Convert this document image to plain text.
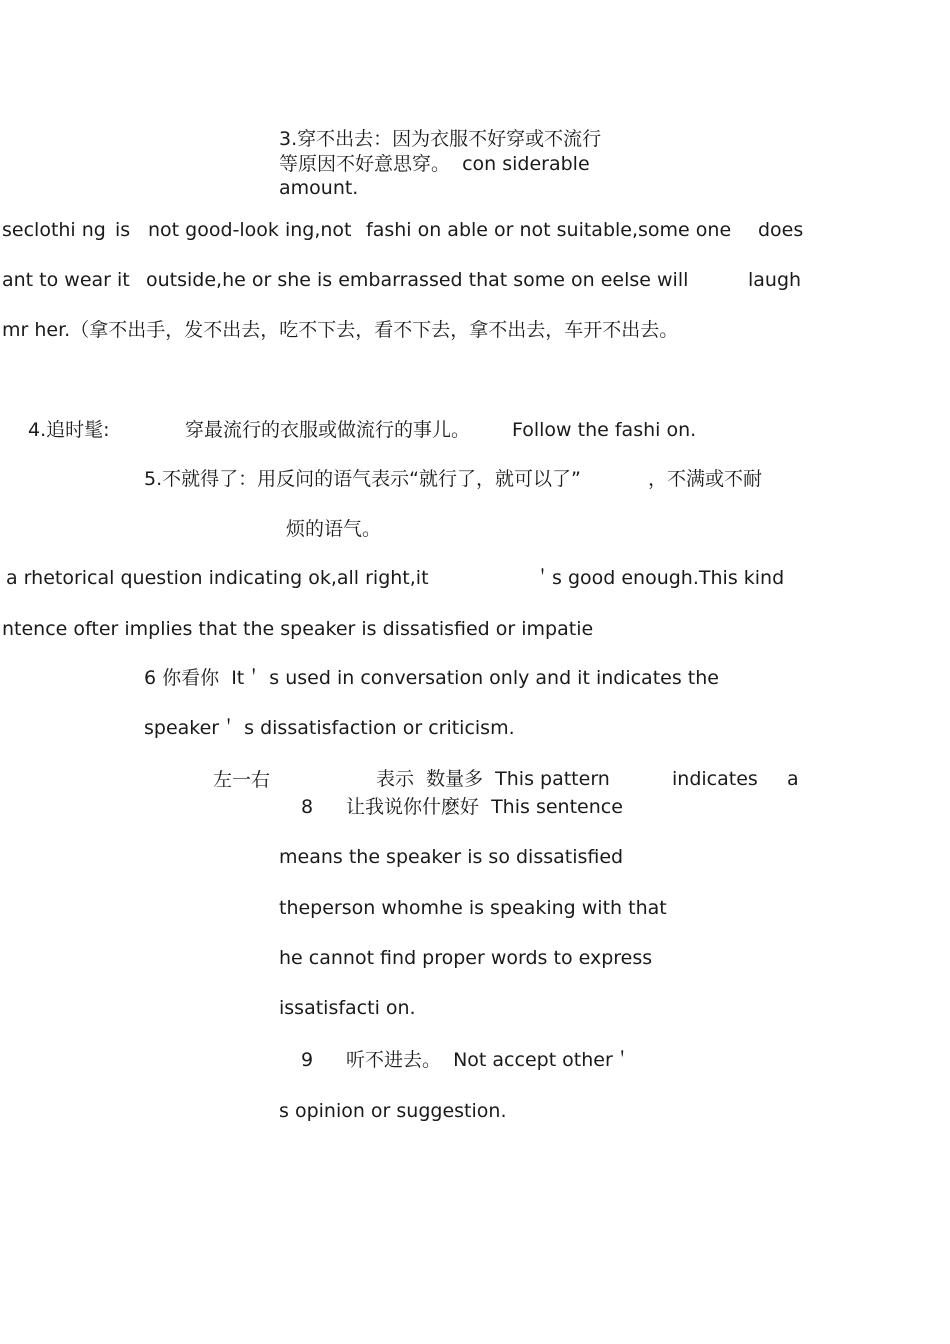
3.穿不出去：因为衣服不好穿或不流行
等原因不好意思穿。  con siderable
amount.
seclothi ng is not good-look ing,not fashi on able or not suitable,some one does
ant to wear it outside,he or she is embarrassed that some on eelse will	laugh
mr her.（拿不出手，发不出去，吃不下去，看不下去，拿不出去，车开不出去。
4.追时髦:	穿最流行的衣服或做流行的事儿。 Follow the fashi on.
5.不就得了：用反问的语气表示“就行了，就可以了”	，不满或不耐
烦的语气。
a rhetorical question indicating ok,all right,it	＇s good enough.This kind
ntence ofter implies that the speaker is dissatisfied or impatie
6 你看你  It＇ s used in conversation only and it indicates the
speaker＇ s dissatisfaction or criticism.
左一右	表示  数量多  This pattern	indicates a
8 让我说你什麽好  This sentence
means the speaker is so dissatisfied
theperson whomhe is speaking with that
he cannot find proper words to express
issatisfacti on.
9 听不进去。  Not accept other＇
s opinion or suggestion.
